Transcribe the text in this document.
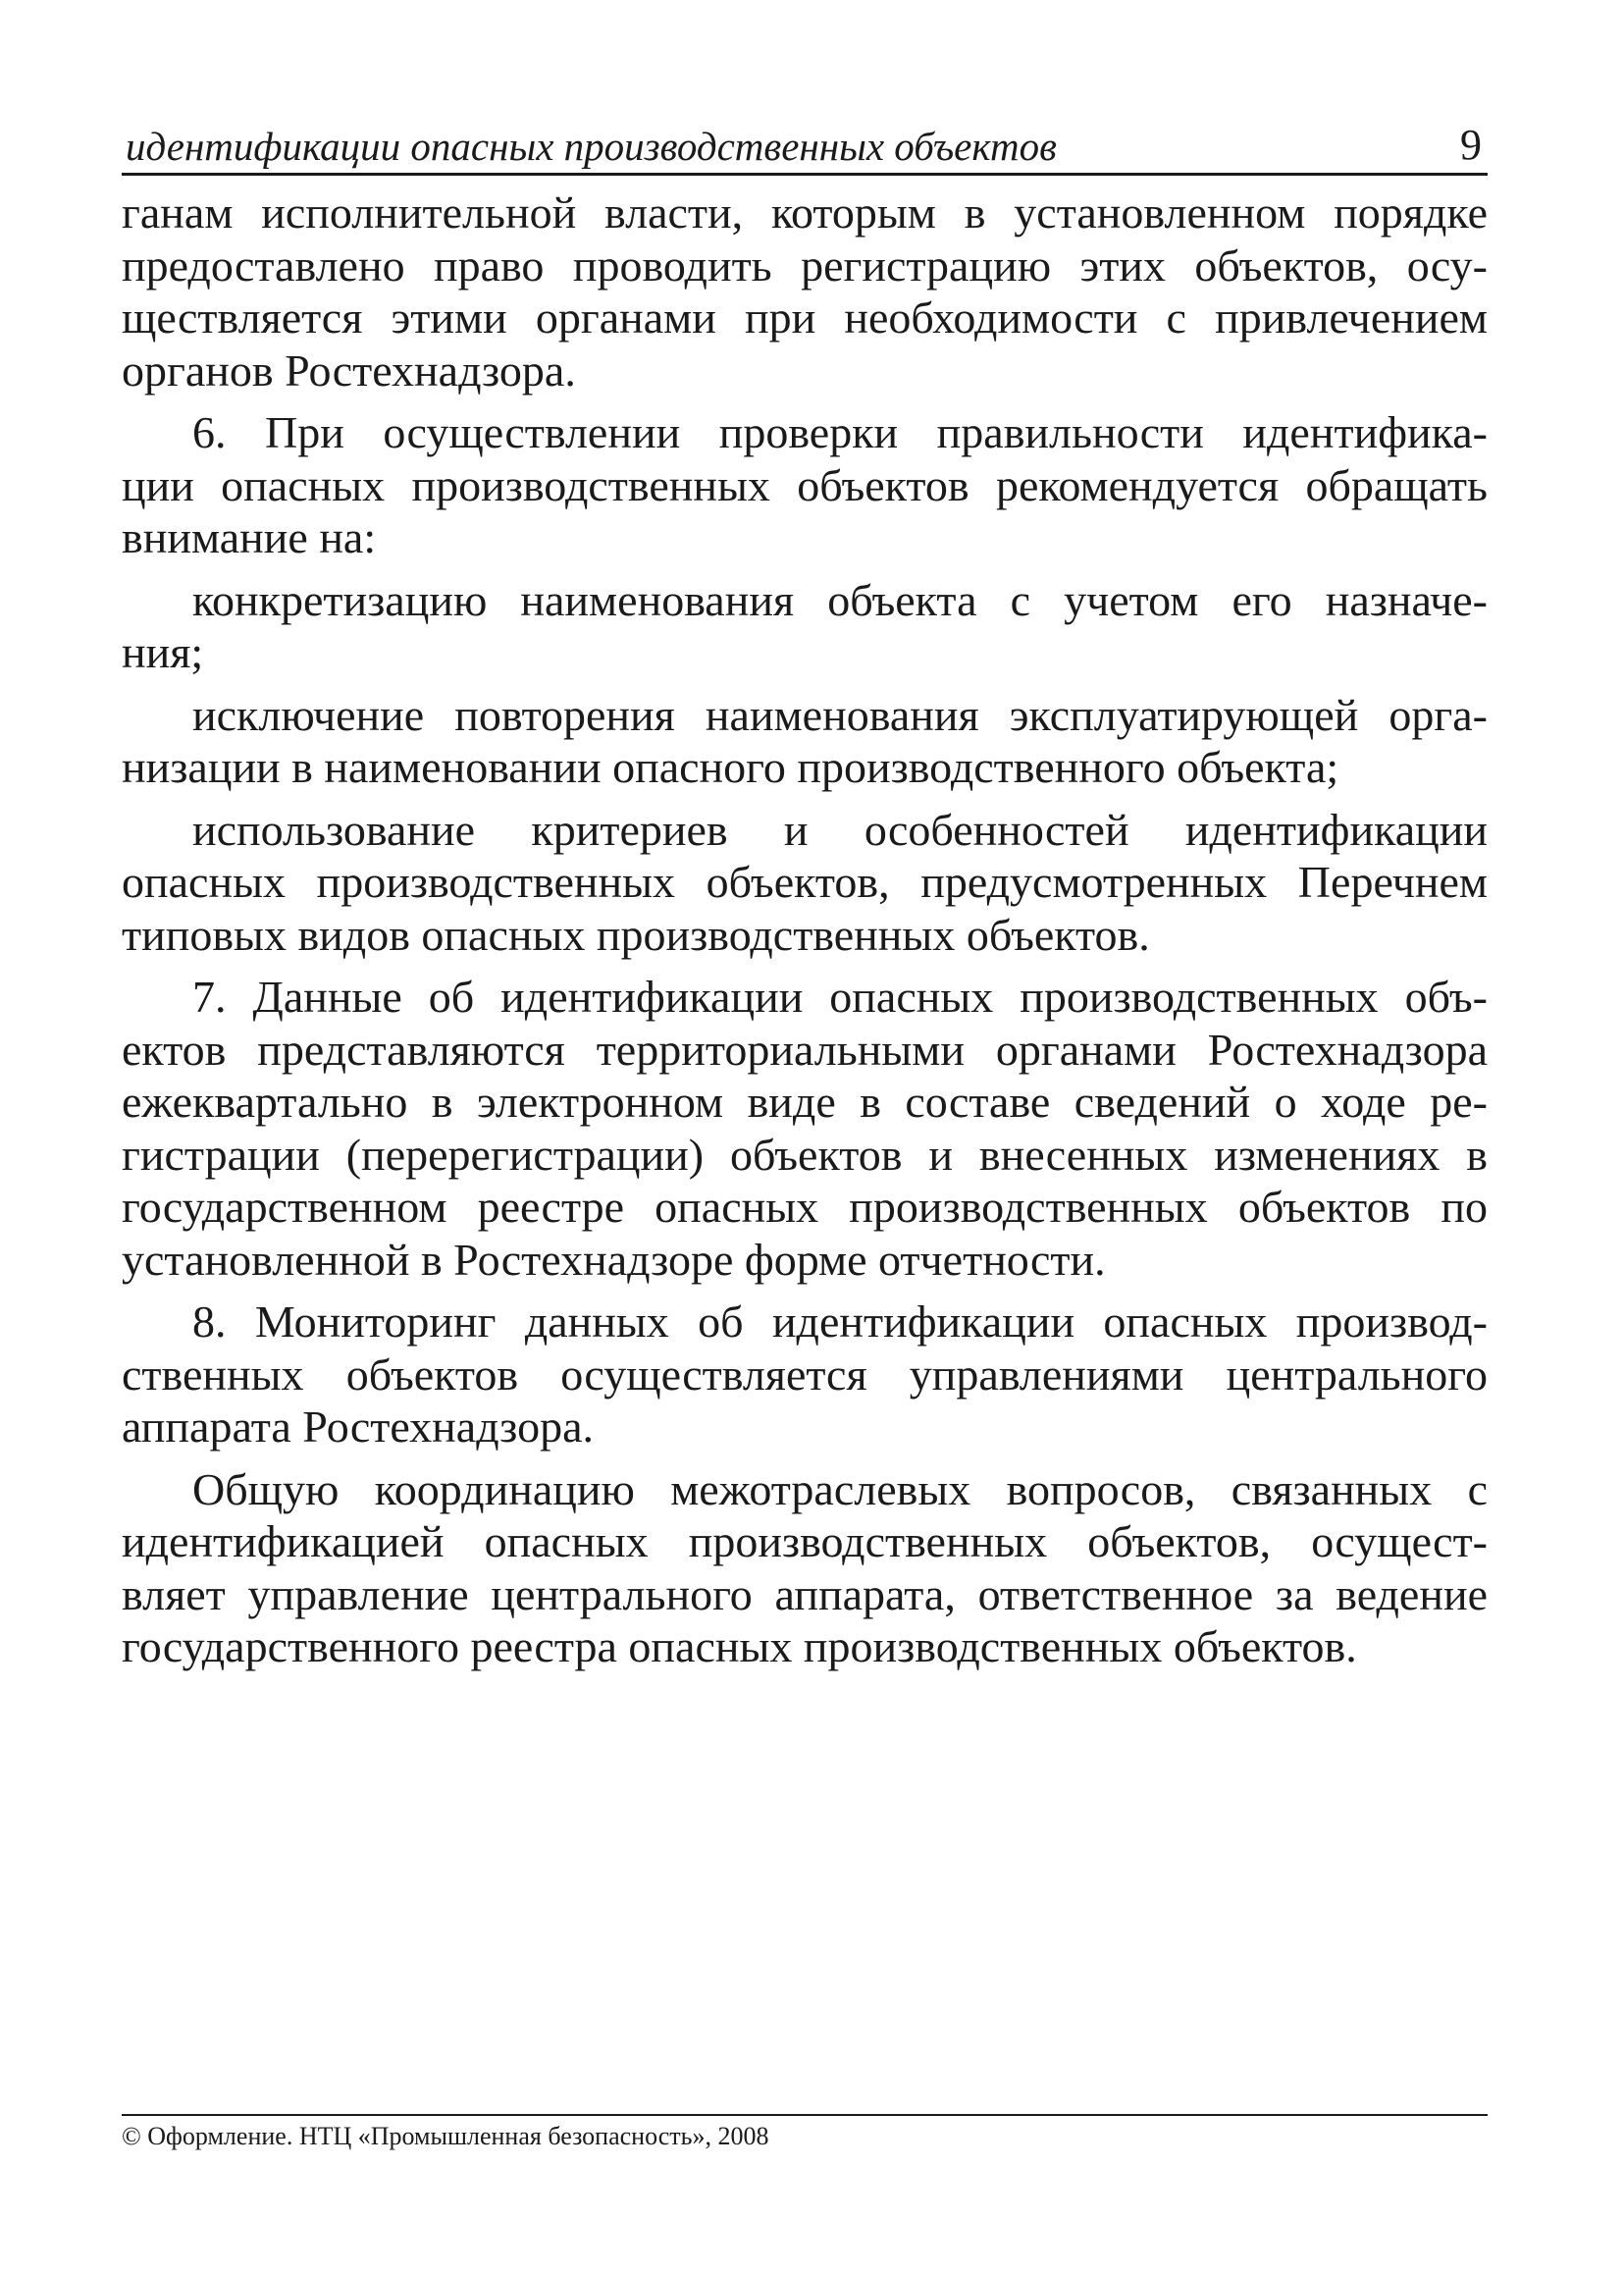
идентификации опасных производственных объектов	9
ганам исполнительной власти, которым в установленном порядке
предоставлено право проводить регистрацию этих объектов, осу-
ществляется этими органами при необходимости с привлечением
органов Ростехнадзора.
6. При осуществлении проверки правильности идентифика-
ции опасных производственных объектов рекомендуется обращать
внимание на:
конкретизацию наименования объекта с учетом его назначе-
ния;
исключение повторения наименования эксплуатирующей орга-
низации в наименовании опасного производственного объекта;
использование критериев и особенностей идентификации
опасных производственных объектов, предусмотренных Перечнем
типовых видов опасных производственных объектов.
7. Данные об идентификации опасных производственных объ-
ектов представляются территориальными органами Ростехнадзора
ежеквартально в электронном виде в составе сведений о ходе ре-
гистрации (перерегистрации) объектов и внесенных изменениях в
государственном реестре опасных производственных объектов по
установленной в Ростехнадзоре форме отчетности.
8. Мониторинг данных об идентификации опасных производ-
ственных объектов осуществляется управлениями центрального
аппарата Ростехнадзора.
Общую координацию межотраслевых вопросов, связанных с
идентификацией опасных производственных объектов, осущест-
вляет управление центрального аппарата, ответственное за ведение
государственного реестра опасных производственных объектов.
© Оформление. НТЦ «Промышленная безопасность», 2008
